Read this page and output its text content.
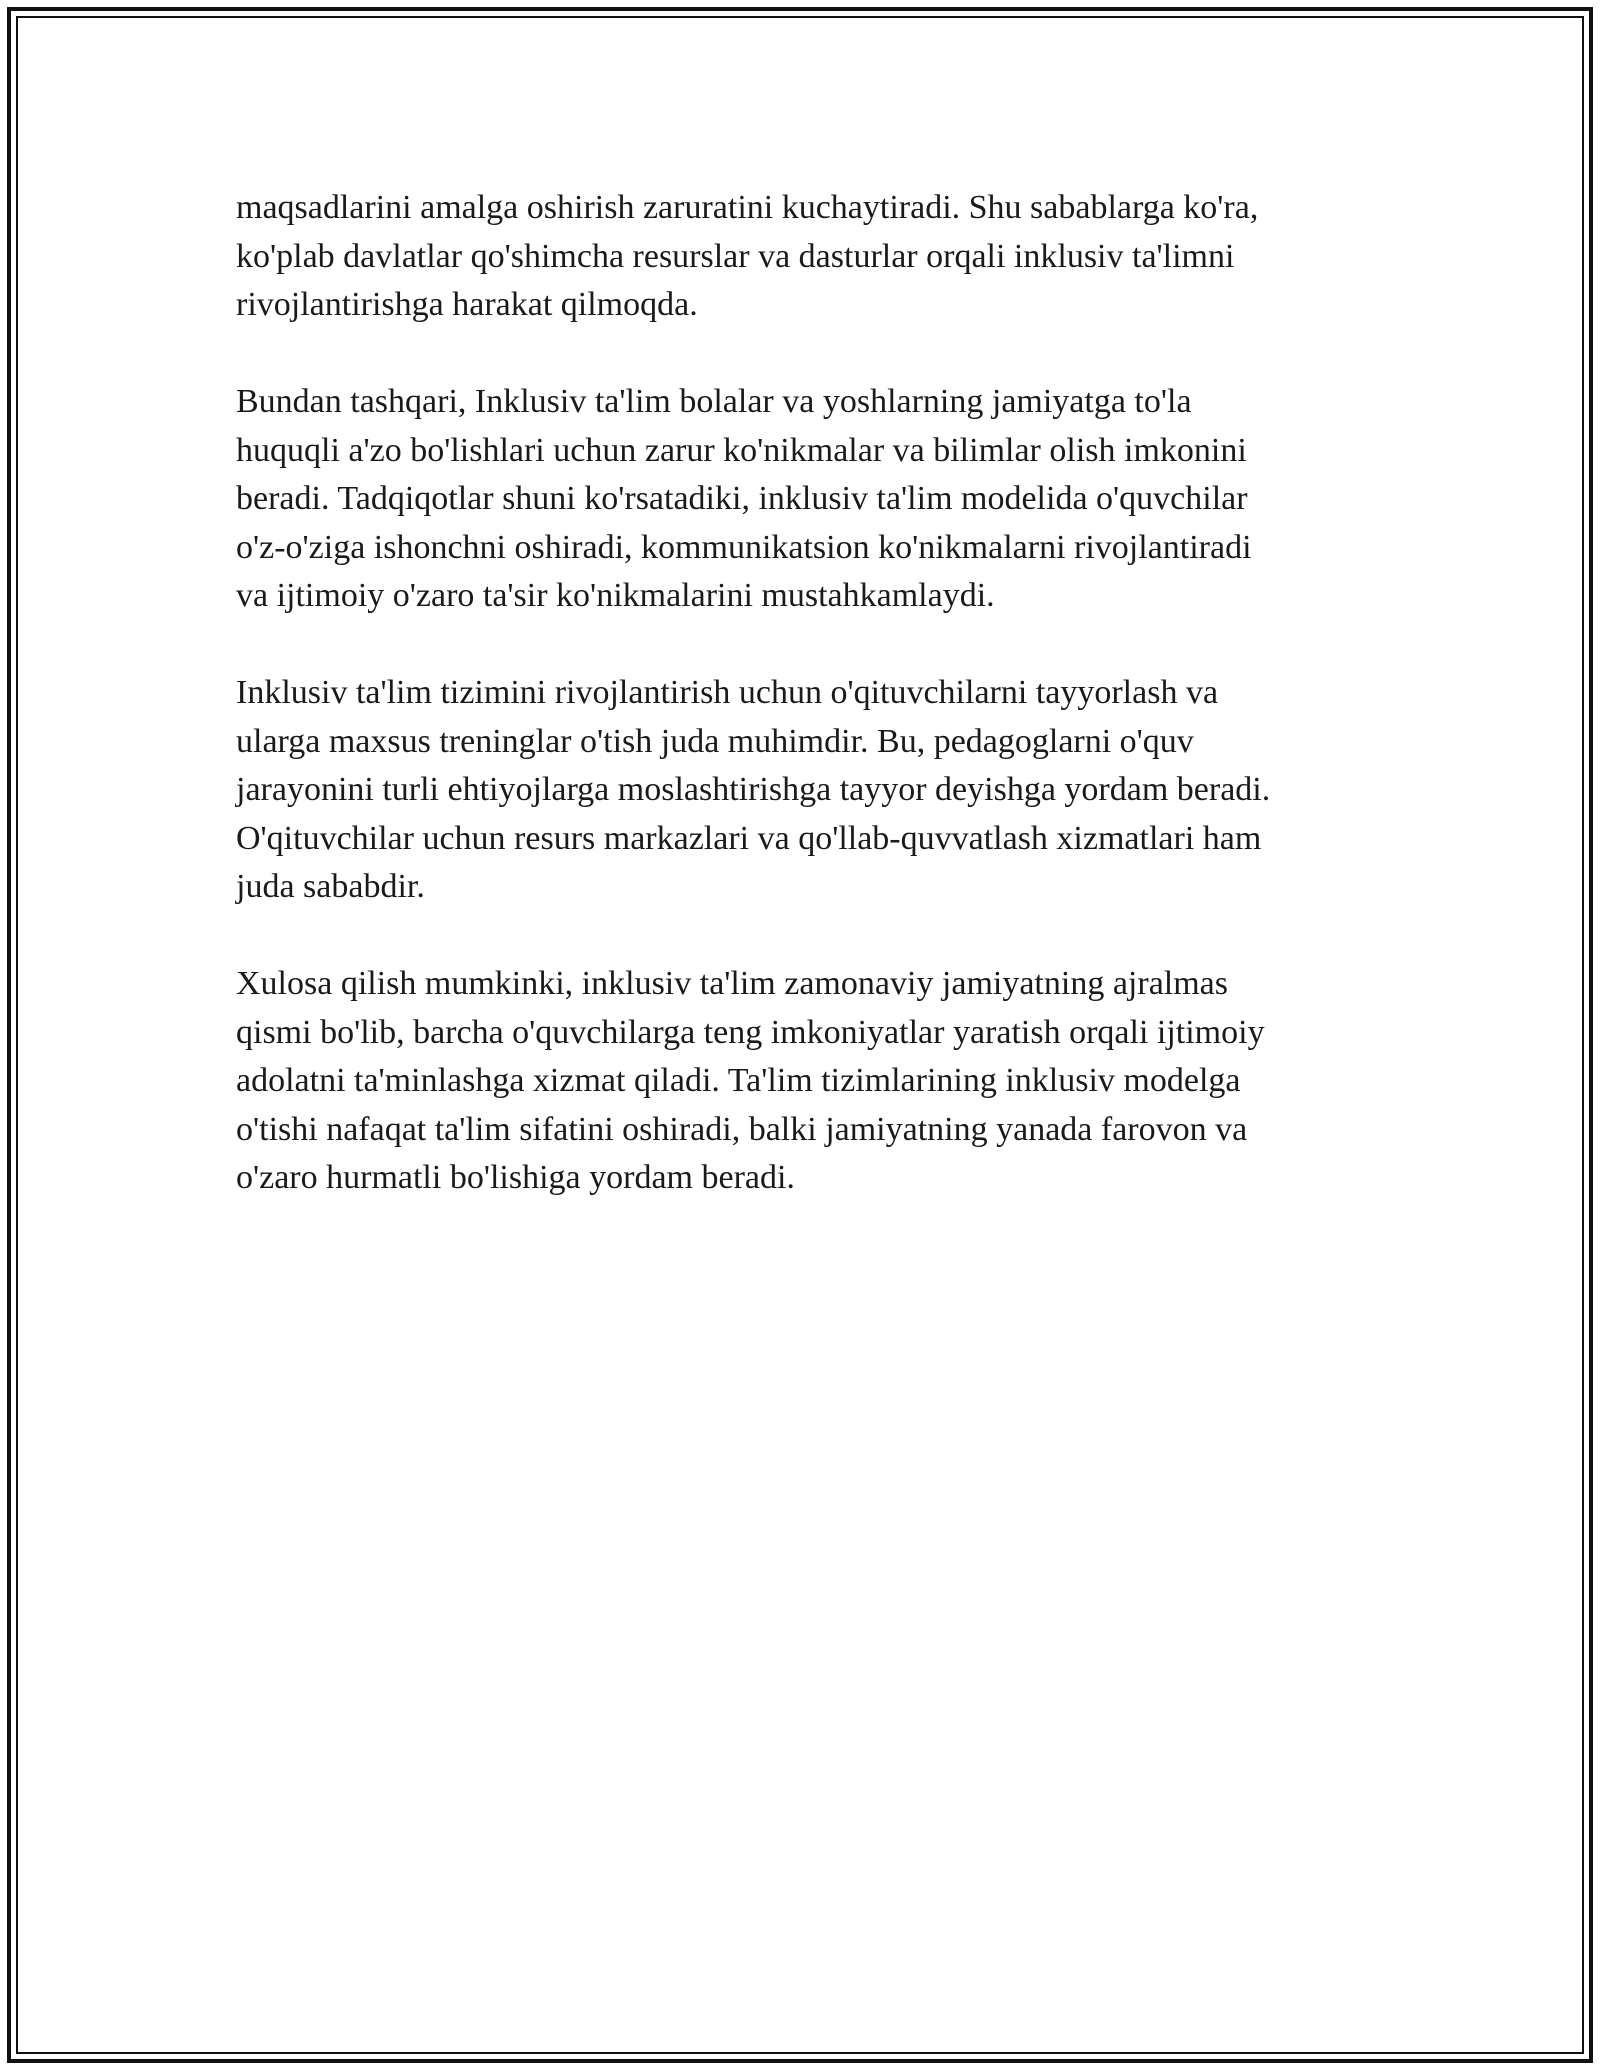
maqsadlarini amalga oshirish zaruratini kuchaytiradi. Shu sabablarga ko'ra,
ko'plab davlatlar qo'shimcha resurslar va dasturlar orqali inklusiv ta'limni
rivojlantirishga harakat qilmoqda.

Bundan tashqari, Inklusiv ta'lim bolalar va yoshlarning jamiyatga to'la
huquqli a'zo bo'lishlari uchun zarur ko'nikmalar va bilimlar olish imkonini
beradi. Tadqiqotlar shuni ko'rsatadiki, inklusiv ta'lim modelida o'quvchilar
o'z-o'ziga ishonchni oshiradi, kommunikatsion ko'nikmalarni rivojlantiradi
va ijtimoiy o'zaro ta'sir ko'nikmalarini mustahkamlaydi.

Inklusiv ta'lim tizimini rivojlantirish uchun o'qituvchilarni tayyorlash va
ularga maxsus treninglar o'tish juda muhimdir. Bu, pedagoglarni o'quv
jarayonini turli ehtiyojlarga moslashtirishga tayyor deyishga yordam beradi.
O'qituvchilar uchun resurs markazlari va qo'llab-quvvatlash xizmatlari ham
juda sababdir.

Xulosa qilish mumkinki, inklusiv ta'lim zamonaviy jamiyatning ajralmas
qismi bo'lib, barcha o'quvchilarga teng imkoniyatlar yaratish orqali ijtimoiy
adolatni ta'minlashga xizmat qiladi. Ta'lim tizimlarining inklusiv modelga
o'tishi nafaqat ta'lim sifatini oshiradi, balki jamiyatning yanada farovon va
o'zaro hurmatli bo'lishiga yordam beradi.
